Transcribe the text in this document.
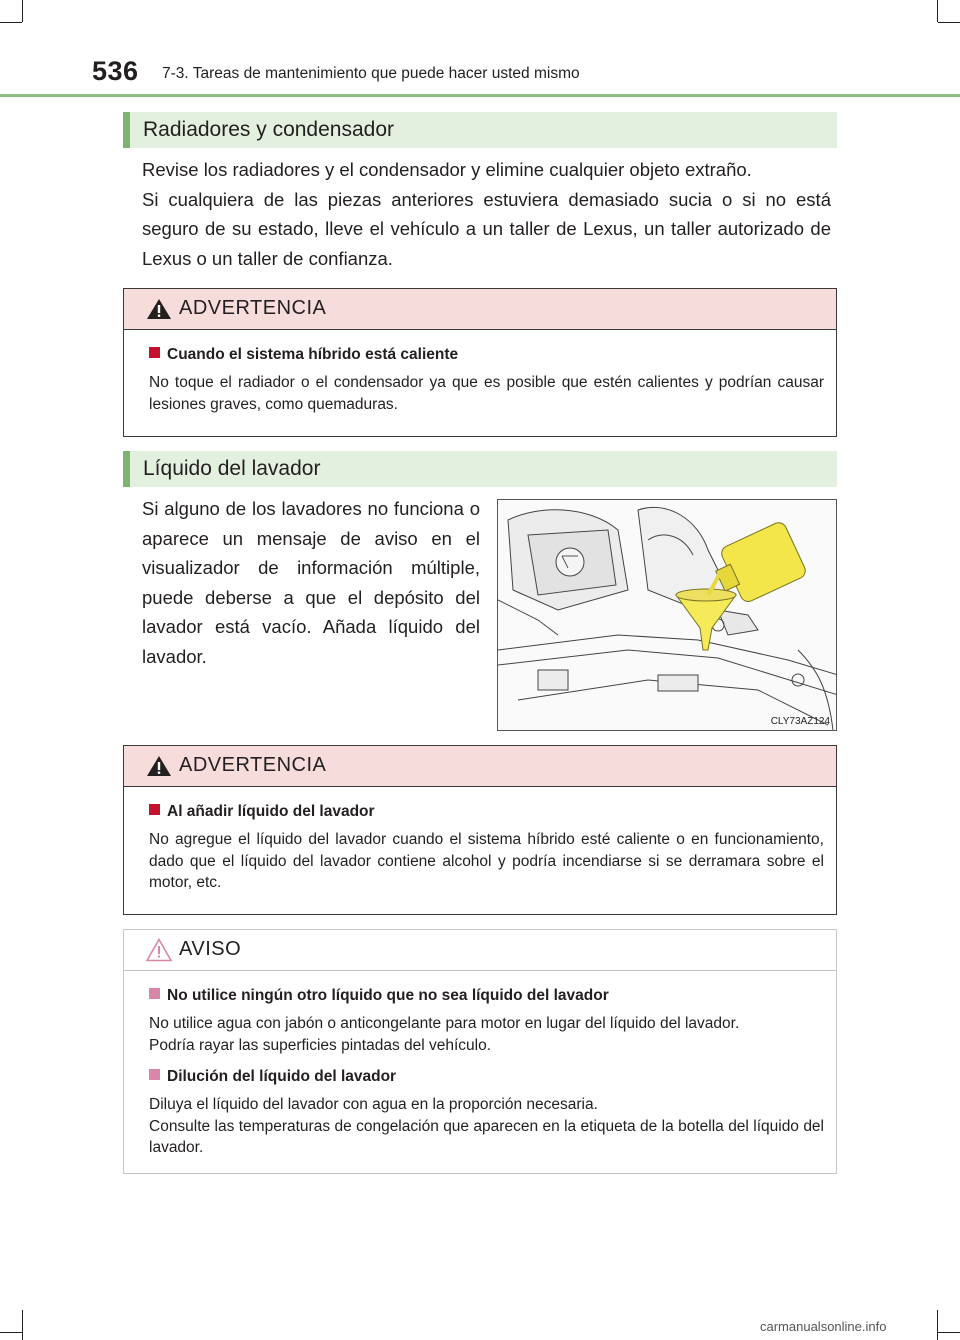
536 7-3. Tareas de mantenimiento que puede hacer usted mismo
Radiadores y condensador

Revise los radiadores y el condensador y elimine cualquier objeto extraño.

Si cualquiera de las piezas anteriores estuviera demasiado sucia o si no está seguro de su estado, lleve el vehículo a un taller de Lexus, un taller autorizado de Lexus o un taller de confianza.

ADVERTENCIA
Cuando el sistema híbrido está caliente
No toque el radiador o el condensador ya que es posible que estén calientes y podrían causar lesiones graves, como quemaduras.
Líquido del lavador
Si alguno de los lavadores no funciona o aparece un mensaje de aviso en el visualizador de información múltiple, puede deberse a que el depósito del lavador está vacío. Añada líquido del lavador.
CLY73AZ124
ADVERTENCIA
Al añadir líquido del lavador
No agregue el líquido del lavador cuando el sistema híbrido esté caliente o en funcionamiento, dado que el líquido del lavador contiene alcohol y podría incendiarse si se derramara sobre el motor, etc.
AVISO
No utilice ningún otro líquido que no sea líquido del lavador
No utilice agua con jabón o anticongelante para motor en lugar del líquido del lavador.
Podría rayar las superficies pintadas del vehículo.
Dilución del líquido del lavador
Diluya el líquido del lavador con agua en la proporción necesaria.
Consulte las temperaturas de congelación que aparecen en la etiqueta de la botella del líquido del lavador.
carmanualsonline.info
